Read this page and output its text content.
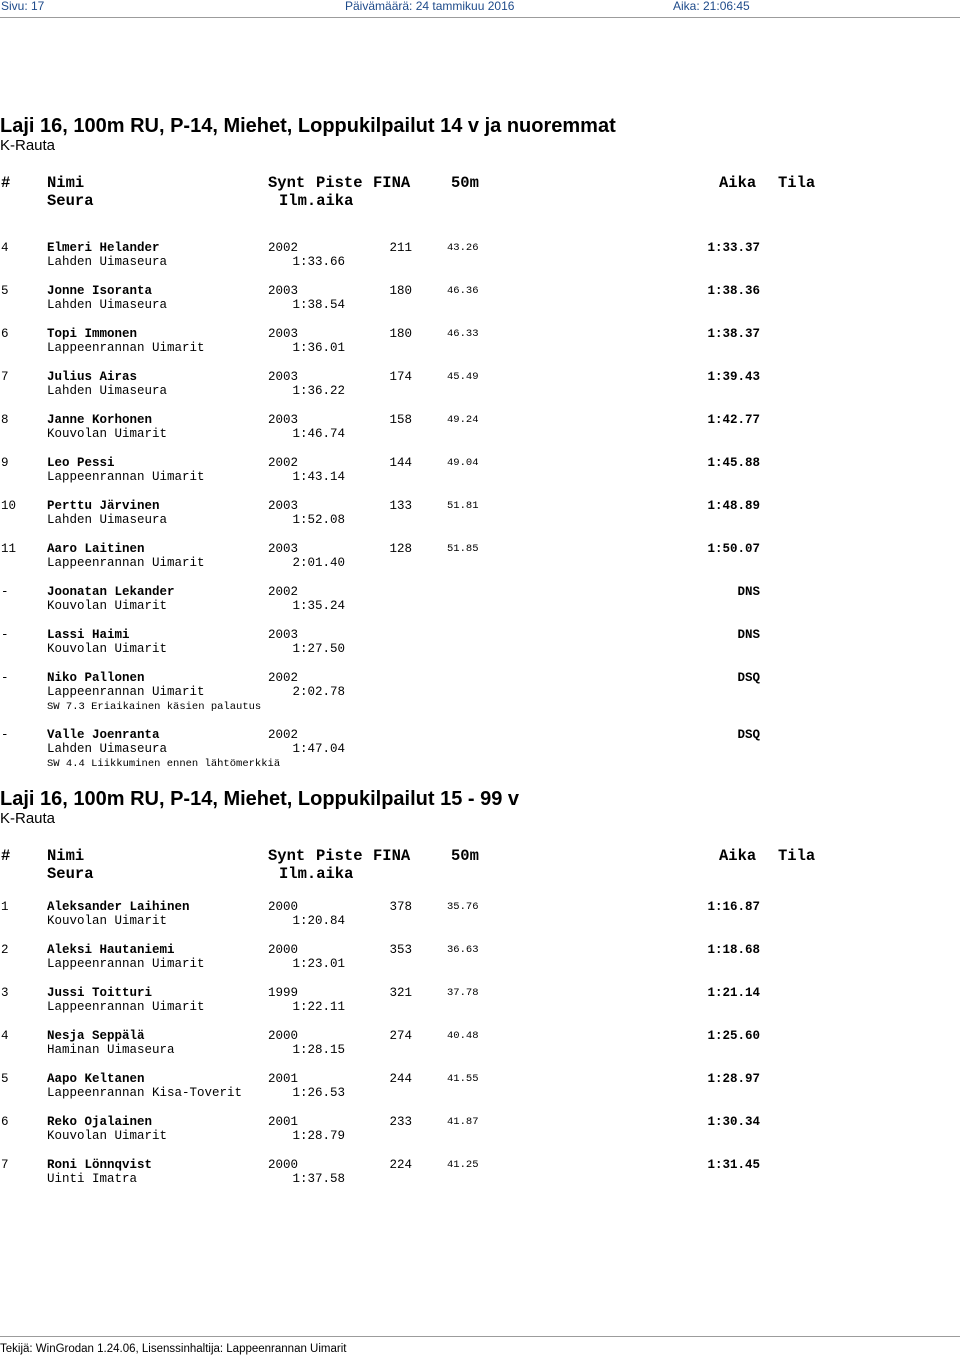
Sivu: 17	Päivämäärä: 24 tammikuu 2016	Aika: 21:06:45
Laji 16, 100m RU, P-14, Miehet, Loppukilpailut 14 v ja nuoremmat
K-Rauta
# Nimi	Synt Piste FINA	50m	Aika Tila
Seura	Ilm.aika
4	Elmeri Helander	2002	211	43.26	1:33.37
Lahden Uimaseura	1:33.66
5	Jonne Isoranta	2003	180	46.36	1:38.36
Lahden Uimaseura	1:38.54
6	Topi Immonen	2003	180	46.33	1:38.37
Lappeenrannan Uimarit	1:36.01
7	Julius Airas	2003	174	45.49	1:39.43
Lahden Uimaseura	1:36.22
8	Janne Korhonen	2003	158	49.24	1:42.77
Kouvolan Uimarit	1:46.74
9	Leo Pessi	2002	144	49.04	1:45.88
Lappeenrannan Uimarit	1:43.14
10 Perttu Järvinen	2003	133	51.81	1:48.89
Lahden Uimaseura	1:52.08
11 Aaro Laitinen	2003	128	51.85	1:50.07
Lappeenrannan Uimarit	2:01.40
-	Joonatan Lekander	2002	DNS
Kouvolan Uimarit	1:35.24
-	Lassi Haimi	2003	DNS
Kouvolan Uimarit	1:27.50
-	Niko Pallonen	2002	DSQ
Lappeenrannan Uimarit	2:02.78
SW 7.3 Eriaikainen käsien palautus
-	Valle Joenranta	2002	DSQ
Lahden Uimaseura	1:47.04
SW 4.4 Liikkuminen ennen lähtömerkkiä
Laji 16, 100m RU, P-14, Miehet, Loppukilpailut 15 - 99 v
K-Rauta
# Nimi	Synt Piste FINA	50m	Aika Tila
Seura	Ilm.aika
1	Aleksander Laihinen	2000	378	35.76	1:16.87
Kouvolan Uimarit	1:20.84
2	Aleksi Hautaniemi	2000	353	36.63	1:18.68
Lappeenrannan Uimarit	1:23.01
3	Jussi Toitturi	1999	321	37.78	1:21.14
Lappeenrannan Uimarit	1:22.11
4	Nesja Seppälä	2000	274	40.48	1:25.60
Haminan Uimaseura	1:28.15
5	Aapo Keltanen	2001	244	41.55	1:28.97
Lappeenrannan Kisa-Toverit	1:26.53
6	Reko Ojalainen	2001	233	41.87	1:30.34
Kouvolan Uimarit	1:28.79
7	Roni Lönnqvist	2000	224	41.25	1:31.45
Uinti Imatra	1:37.58
Tekijä: WinGrodan 1.24.06, Lisenssinhaltija: Lappeenrannan Uimarit
